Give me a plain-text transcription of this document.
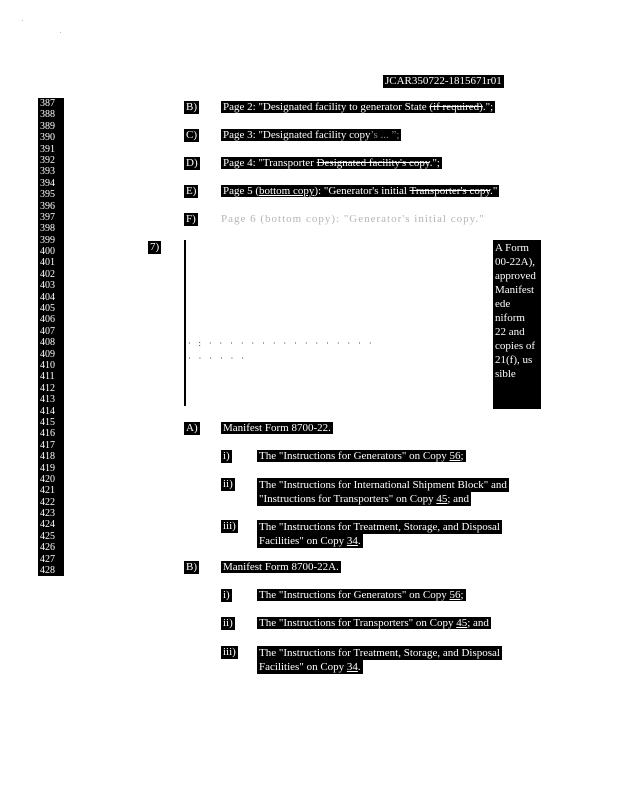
JCAR350722-1815671r01
387
388
389
390
391
392
393
394
395
396
397
398
399
400
401
402
403
404
405
406
407
408
409
410
411
412
413
414
415
416
417
418
419
420
421
422
423
424
425
426
427
428
B) Page 2: "Designated facility to generator State (if required).";
C) Page 3: "Designated facility copy’s ... ”;
D) Page 4: "Transporter Designated facility's copy.";
E) Page 5 (bottom copy): "Generator's initial Transporter's copy."
F) Page 6 (bottom copy): "Generator's initial copy."
7)
· : · · · · · · · · · · · · · · · ·
· · · · · ·
A Form
00-22A),
approved
Manifest
ede
niform
22 and
copies of
21(f), us
sible
A) Manifest Form 8700-22.
i)	The "Instructions for Generators" on Copy 56;
ii) The "Instructions for International Shipment Block" and
"Instructions for Transporters" on Copy 45; and
iii) The "Instructions for Treatment, Storage, and Disposal
Facilities" on Copy 34.
B) Manifest Form 8700-22A.
i)	The "Instructions for Generators" on Copy 56;
ii) The "Instructions for Transporters" on Copy 45; and
iii) The "Instructions for Treatment, Storage, and Disposal
Facilities" on Copy 34.
